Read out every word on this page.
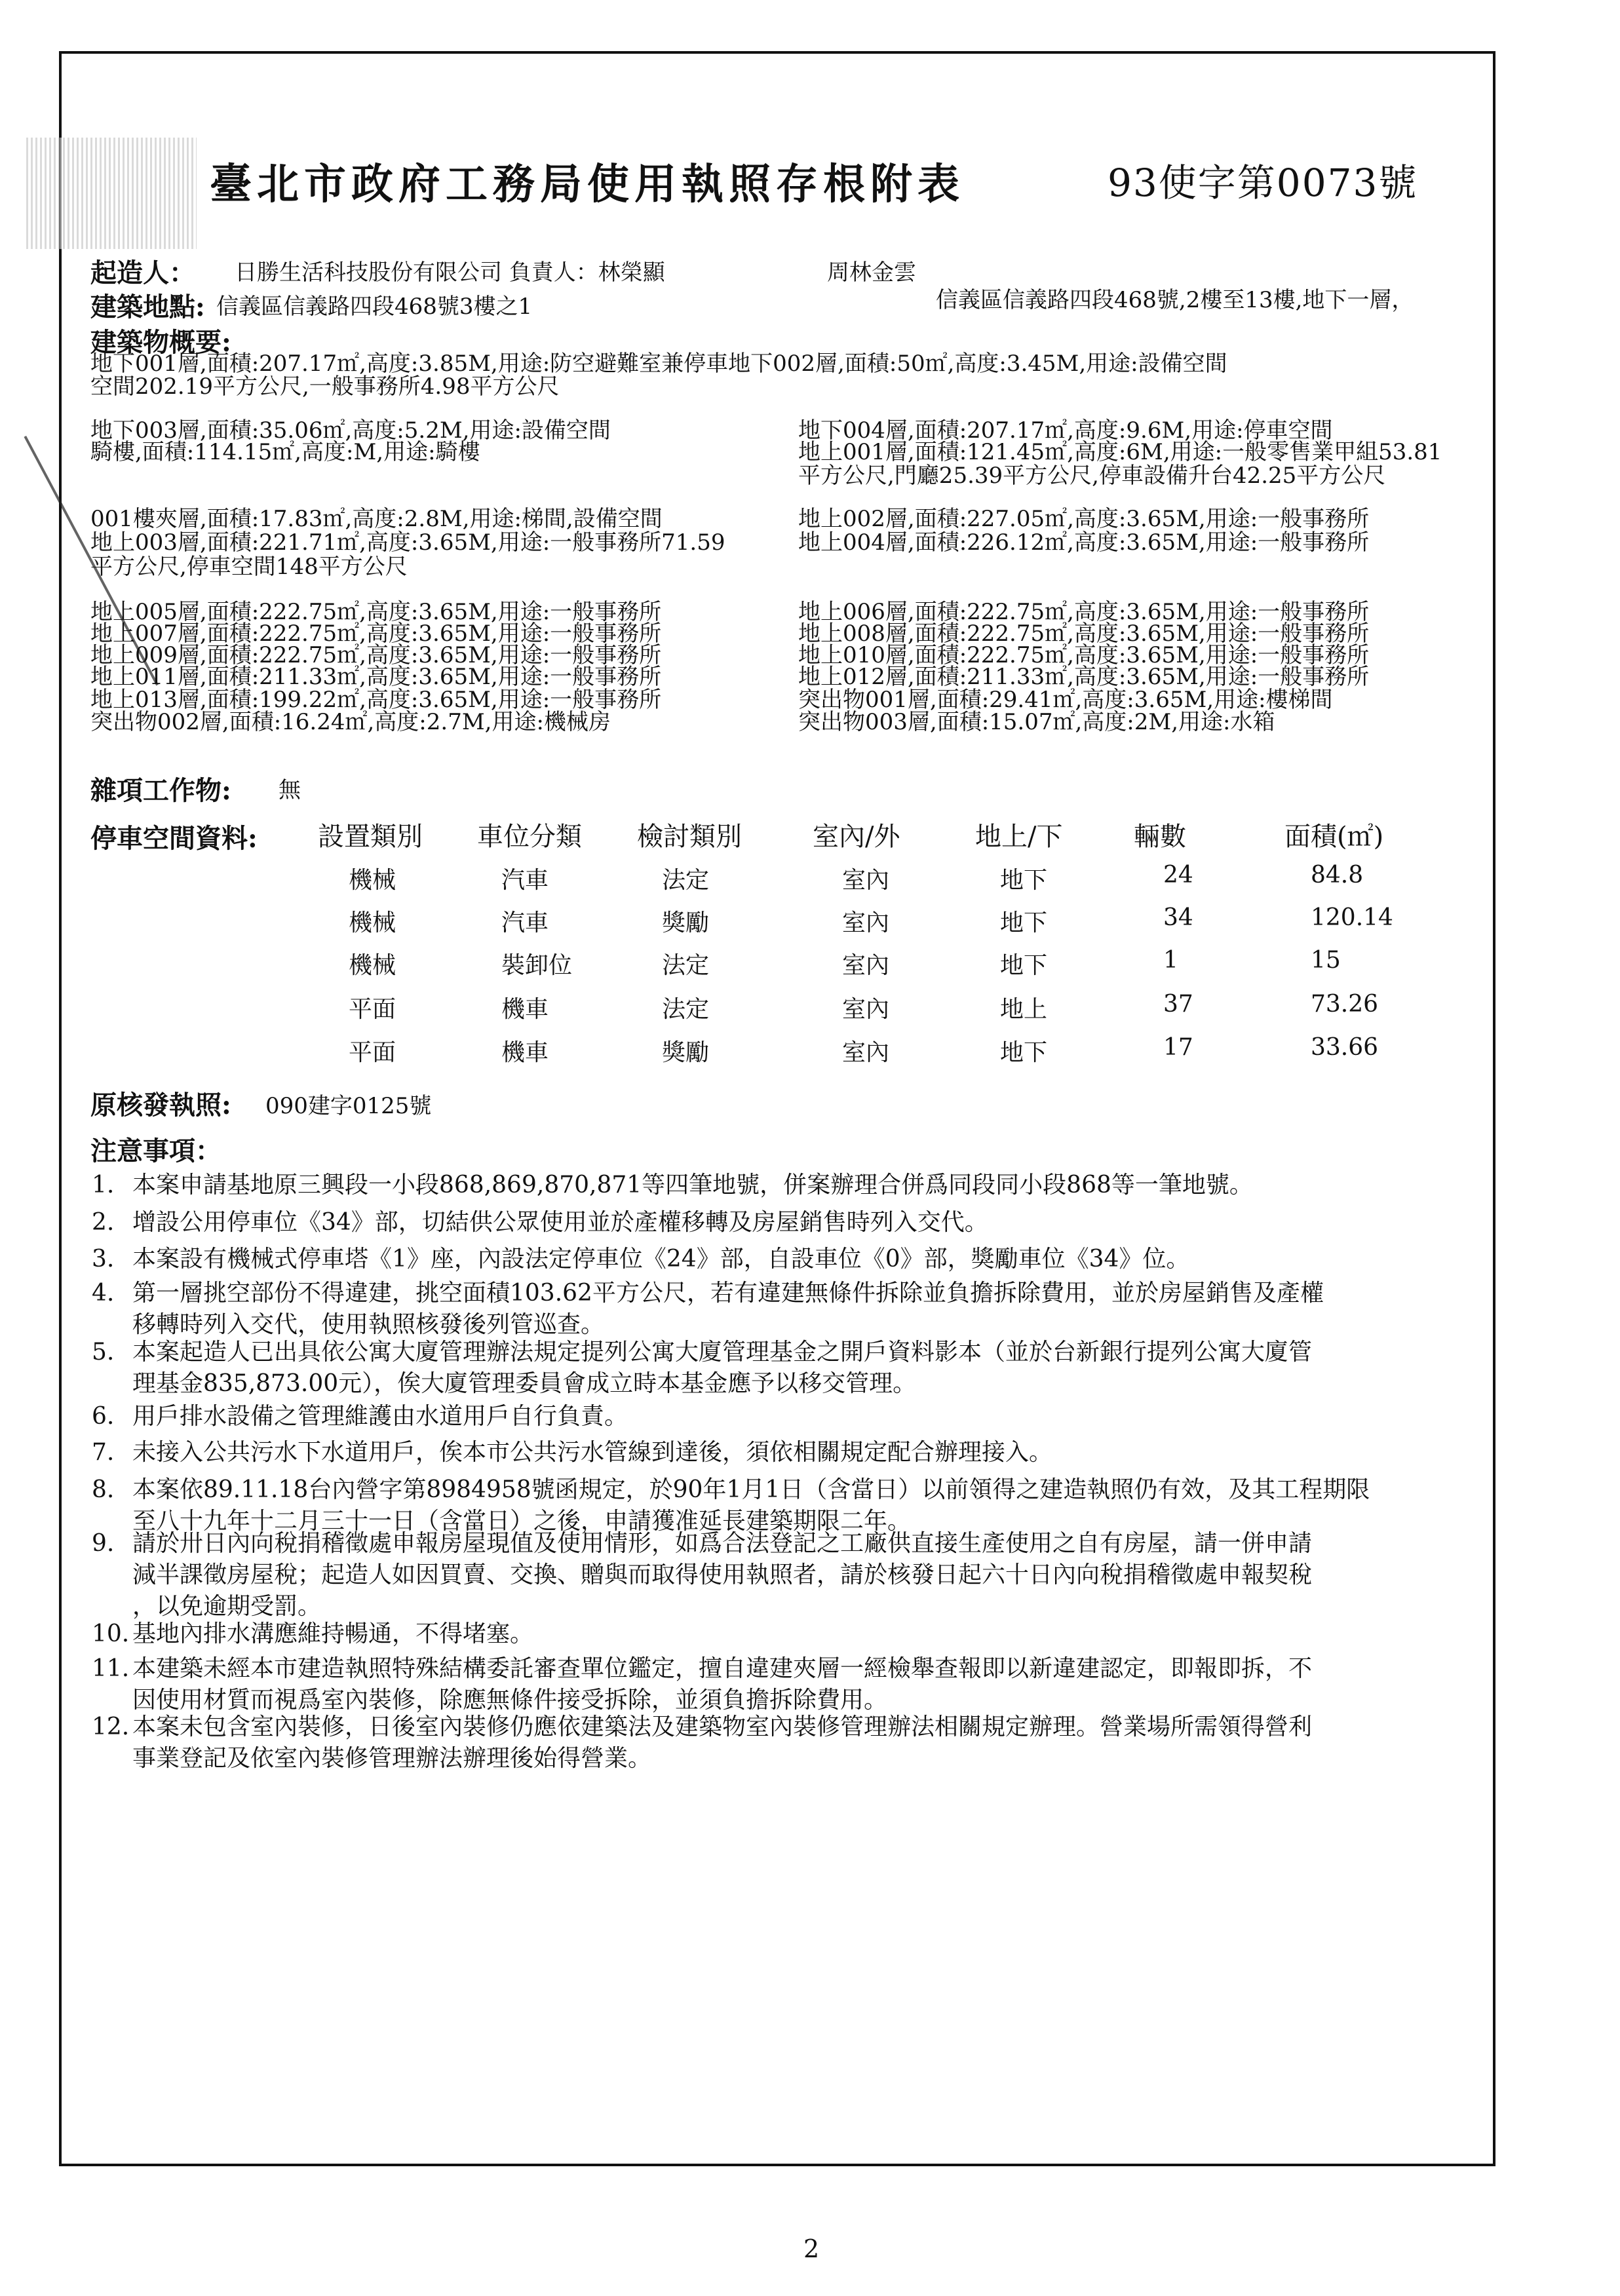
臺北市政府工務局使用執照存根附表	93使字第0073號
起造人： 日勝生活科技股份有限公司 負責人：林榮顯	周林金雲
建築地點: 信義區信義路四段468號3樓之1	信義區信義路四段468號,2樓至13樓,地下一層，
建築物概要:
地下001層,面積:207.17㎡,高度:3.85M,用途:防空避難室兼停車地下002層,面積:50㎡,高度:3.45M,用途:設備空間
空間202.19平方公尺,一般事務所4.98平方公尺
地下003層,面積:35.06㎡,高度:5.2M,用途:設備空間	地下004層,面積:207.17㎡,高度:9.6M,用途:停車空間
騎樓,面積:114.15㎡,高度:M,用途:騎樓	地上001層,面積:121.45㎡,高度:6M,用途:一般零售業甲組53.81
平方公尺,門廳25.39平方公尺,停車設備升台42.25平方公尺
001樓夾層,面積:17.83㎡,高度:2.8M,用途:梯間,設備空間	地上002層,面積:227.05㎡,高度:3.65M,用途:一般事務所
地上003層,面積:221.71㎡,高度:3.65M,用途:一般事務所71.59	地上004層,面積:226.12㎡,高度:3.65M,用途:一般事務所
平方公尺,停車空間148平方公尺
地上005層,面積:222.75㎡,高度:3.65M,用途:一般事務所	地上006層,面積:222.75㎡,高度:3.65M,用途:一般事務所
地上007層,面積:222.75㎡,高度:3.65M,用途:一般事務所	地上008層,面積:222.75㎡,高度:3.65M,用途:一般事務所
地上009層,面積:222.75㎡,高度:3.65M,用途:一般事務所	地上010層,面積:222.75㎡,高度:3.65M,用途:一般事務所
地上011層,面積:211.33㎡,高度:3.65M,用途:一般事務所	地上012層,面積:211.33㎡,高度:3.65M,用途:一般事務所
地上013層,面積:199.22㎡,高度:3.65M,用途:一般事務所	突出物001層,面積:29.41㎡,高度:3.65M,用途:樓梯間
突出物002層,面積:16.24㎡,高度:2.7M,用途:機械房	突出物003層,面積:15.07㎡,高度:2M,用途:水箱
雜項工作物: 無
停車空間資料: 設置類別 車位分類 檢討類別	室內/外	地上/下	輛數	面積(㎡)
機械	汽車	法定	室內	地下	24	84.8
機械	汽車	獎勵	室內	地下	34	120.14
機械	裝卸位	法定	室內	地下	1	15
平面	機車	法定	室內	地上	37	73.26
平面	機車	獎勵	室內	地下	17	33.66
原核發執照: 090建字0125號
注意事項：
1. 本案申請基地原三興段一小段868,869,870,871等四筆地號，併案辦理合併爲同段同小段868等一筆地號。
2. 增設公用停車位《34》部，切結供公眾使用並於產權移轉及房屋銷售時列入交代。
3. 本案設有機械式停車塔《1》座，內設法定停車位《24》部，自設車位《0》部，獎勵車位《34》位。
4. 第一層挑空部份不得違建，挑空面積103.62平方公尺，若有違建無條件拆除並負擔拆除費用，並於房屋銷售及產權
移轉時列入交代，使用執照核發後列管巡查。
5. 本案起造人已出具依公寓大廈管理辦法規定提列公寓大廈管理基金之開戶資料影本（並於台新銀行提列公寓大廈管
理基金835,873.00元），俟大廈管理委員會成立時本基金應予以移交管理。
6. 用戶排水設備之管理維護由水道用戶自行負責。
7. 未接入公共污水下水道用戶，俟本市公共污水管線到達後，須依相關規定配合辦理接入。
8. 本案依89.11.18台內營字第8984958號函規定，於90年1月1日（含當日）以前領得之建造執照仍有效，及其工程期限
至八十九年十二月三十一日（含當日）之後，申請獲准延長建築期限二年。
9. 請於卅日內向稅捐稽徵處申報房屋現值及使用情形，如爲合法登記之工廠供直接生產使用之自有房屋，請一併申請
減半課徵房屋稅；起造人如因買賣、交換、贈與而取得使用執照者，請於核發日起六十日內向稅捐稽徵處申報契稅
，以免逾期受罰。
10. 基地內排水溝應維持暢通，不得堵塞。
11. 本建築未經本市建造執照特殊結構委託審查單位鑑定，擅自違建夾層一經檢舉查報即以新違建認定，即報即拆，不
因使用材質而視爲室內裝修，除應無條件接受拆除，並須負擔拆除費用。
12. 本案未包含室內裝修，日後室內裝修仍應依建築法及建築物室內裝修管理辦法相關規定辦理。營業場所需領得營利
事業登記及依室內裝修管理辦法辦理後始得營業。
2
